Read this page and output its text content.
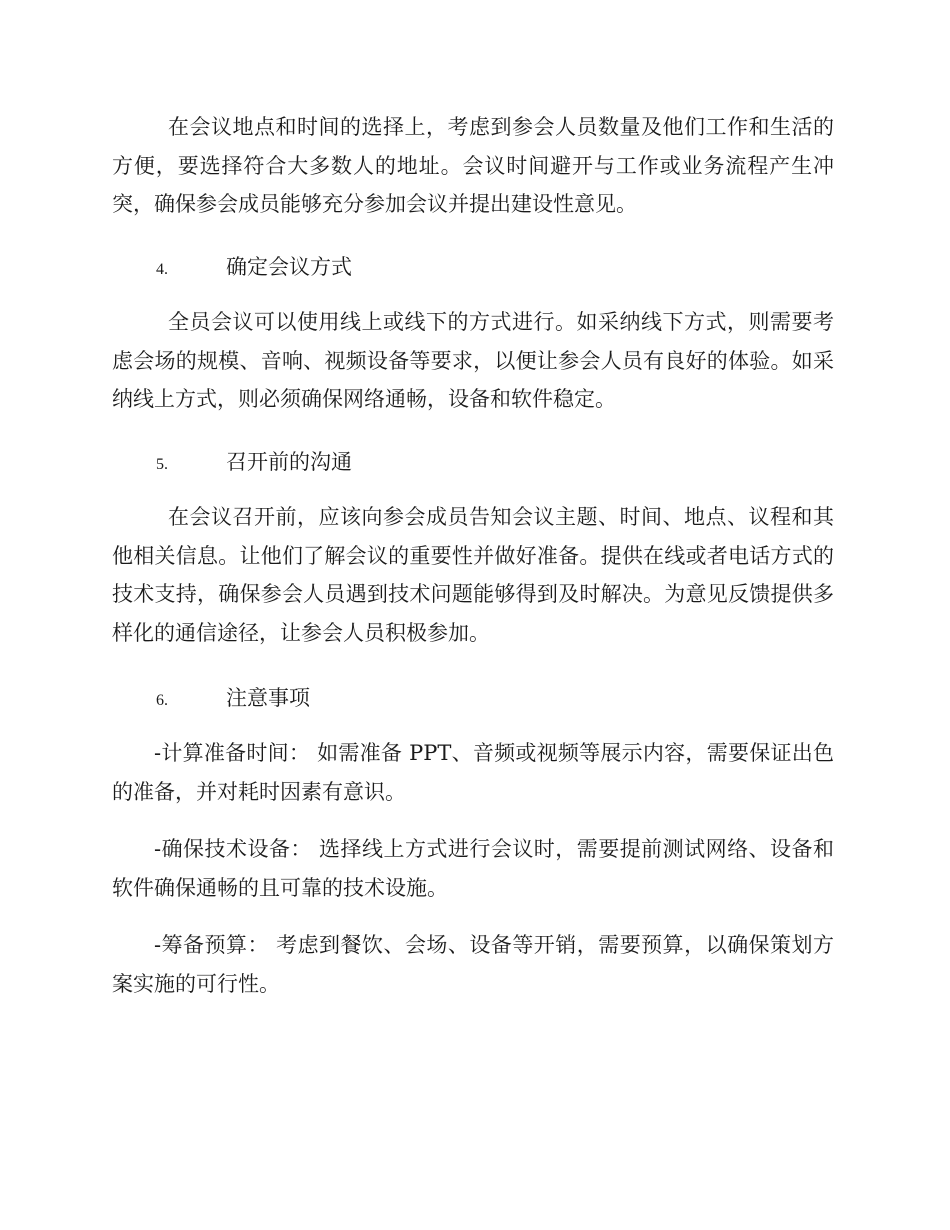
在会议地点和时间的选择上，考虑到参会人员数量及他们工作和生活的方便，要选择符合大多数人的地址。会议时间避开与工作或业务流程产生冲突，确保参会成员能够充分参加会议并提出建设性意见。

4.	确定会议方式

全员会议可以使用线上或线下的方式进行。如采纳线下方式，则需要考虑会场的规模、音响、视频设备等要求，以便让参会人员有良好的体验。如采纳线上方式，则必须确保网络通畅，设备和软件稳定。

5.	召开前的沟通

在会议召开前，应该向参会成员告知会议主题、时间、地点、议程和其他相关信息。让他们了解会议的重要性并做好准备。提供在线或者电话方式的技术支持，确保参会人员遇到技术问题能够得到及时解决。为意见反馈提供多样化的通信途径，让参会人员积极参加。

6.	注意事项

-计算准备时间： 如需准备 PPT、音频或视频等展示内容，需要保证出色的准备，并对耗时因素有意识。

-确保技术设备： 选择线上方式进行会议时，需要提前测试网络、设备和软件确保通畅的且可靠的技术设施。

-筹备预算： 考虑到餐饮、会场、设备等开销，需要预算，以确保策划方案实施的可行性。
